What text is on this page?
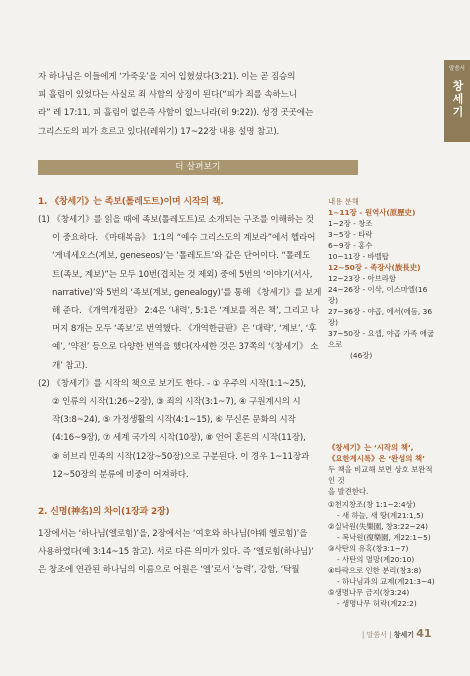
말씀서
창세기

자 하나님은 이들에게 ‘가죽옷’을 지어 입혔셨다(3:21). 이는 곧 짐승의

피 흘림이 있었다는 사실로 죄 사함의 상징이 된다(“피가 죄를 속하느니

라” 레 17:11, 피 흘림이 없은즉 사함이 없느니라(히 9:22)). 성경 곳곳에는

그리스도의 피가 흐르고 있다((레위기) 17~22장 내용 설명 참고).

더 살펴보기

1. 《창세기》는 족보(톨레도트)이며 시작의 책.

(1) 《창세기》를 읽을 때에 족보(톨레도트)로 소개되는 구조를 이해하는 것

이 중요하다. 《마태복음》 1:1의 “예수 그리스도의 계보라”에서 헬라어

‘게네세오스(게보, geneseos)’는 ‘톨레도트’와 같은 단어이다. “톨레도

트(족보, 계보)”는 모두 10번(겹치는 것 제외) 중에 5번의 ‘이야기(서사,

narrative)’와 5번의 ‘족보(계보, genealogy)’를 통해 《창세기》를 보게

해 준다. 《개역개정판》 2:4은 ‘내력’, 5:1은 ‘계보를 적은 책’, 그리고 나

머지 8개는 모두 ‘족보’로 번역했다. 《개역한글판》은 ‘대략’, ‘계보’, ‘후

예’, ‘약전’ 등으로 다양한 번역을 했다(자세한 것은 37쪽의 ‘《창세기》 소

개’ 참고).

(2) 《창세기》를 시작의 책으로 보기도 한다. - ① 우주의 시작(1:1~25),

② 인류의 시작(1:26~2장), ③ 죄의 시작(3:1~7), ④ 구원계시의 시

작(3:8~24), ⑤ 가정생활의 시작(4:1~15), ⑥ 무신론 문화의 시작

(4:16~9장), ⑦ 세계 국가의 시작(10장), ⑧ 언어 혼돈의 시작(11장),

⑨ 히브리 민족의 시작(12장~50장)으로 구분된다. 이 경우 1~11장과

12~50장의 분류에 비중이 어져하다.

2. 신명(神名)의 차이(1장과 2장)

1장에서는 ‘하나님(엘로힘)’을, 2장에서는 ‘여호와 하나님(야웨 엘로힘)’을

사용하였다(예 3:14~15 참고). 서로 다른 의미가 있다. 즉 ‘엘로힘(하나님)’

은 창조에 연관된 하나님의 이름으로 어원은 ‘엘’로서 ‘능력’, 강함, ‘탁월

내용 분해

1~11장 - 원역사(原歷史)

1~2장 - 창조

3~5장 - 타락

6~9장 - 홍수

10~11장 - 바벨탑

12~50장 - 족장사(族長史)

12~23장 - 아브라함

24~26장 - 이삭, 이스마엘(16장)

27~36장 - 야곱, 에서(에돔, 36장)

37~50장 - 요셉, 야곱 가족 애굽으로

(46장)

《창세기》는 ‘시작의 책’,

《요한계시록》은 ‘완성의 책’

두 책을 비교해 보면 상호 보완적인 것

을 발견한다.

①천지창조(창 1:1~2:4상)

- 새 하늘, 새 땅(계21:1,5)

②실낙원(失樂園, 창3:22~24)

- 복낙원(復樂園, 계22:1~5)

③사탄의 유혹(창3:1~7)

- 사탄의 멸망(계20:10)

④타락으로 인한 분리(창3:8)

- 하나님과의 교제(계21:3~4)

⑤생명나무 금지(창3:24)

- 생명나무 허락(계22:2)

| 말씀서 | 창세기 41
